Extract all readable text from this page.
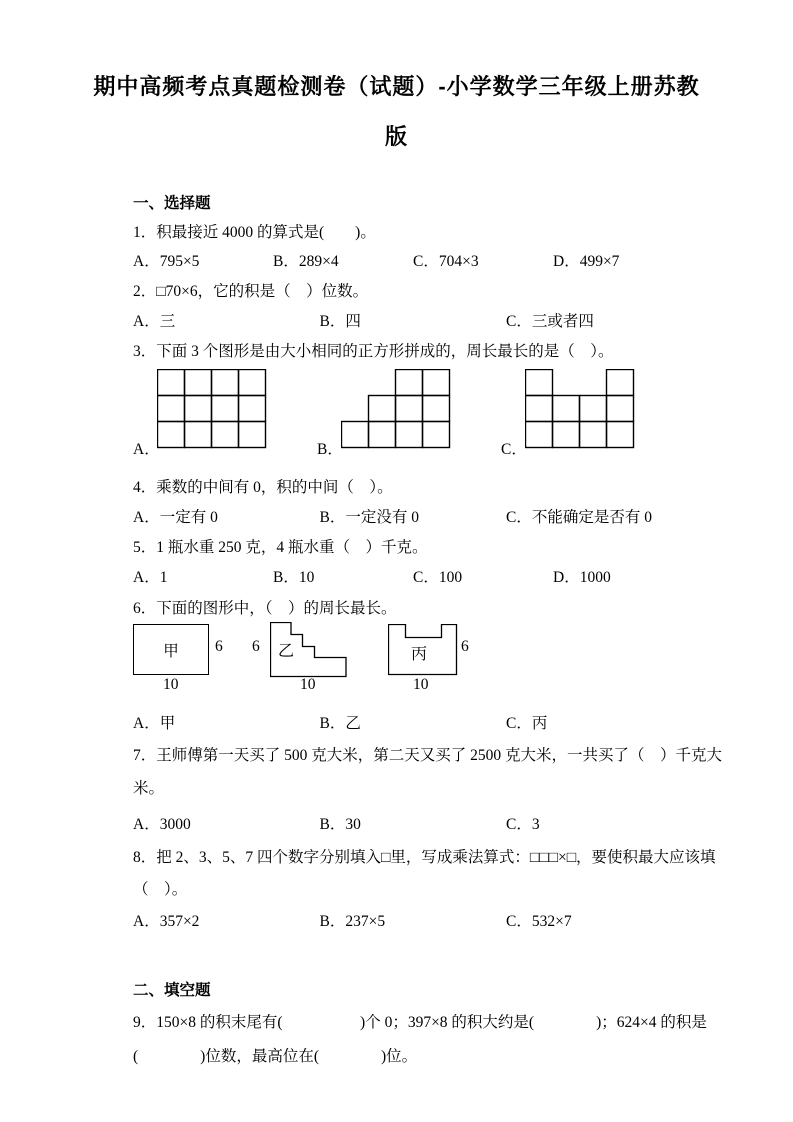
期中高频考点真题检测卷（试题）-小学数学三年级上册苏教
版
一、选择题
1．积最接近 4000 的算式是(　　)。
A．795×5	B．289×4	C．704×3	D．499×7
2．□70×6，它的积是（　）位数。
A．三	B．四	C．三或者四
3．下面 3 个图形是由大小相同的正方形拼成的，周长最长的是（　）。
A．	B．	C．
4．乘数的中间有 0，积的中间（　）。
A．一定有 0	B．一定没有 0	C．不能确定是否有 0
5．1 瓶水重 250 克，4 瓶水重（　）千克。
A．1	B．10	C．100	D．1000
6．下面的图形中，（　）的周长最长。
甲 6
10
乙
6
10
丙 6
10
A．甲	B．乙	C．丙
7．王师傅第一天买了 500 克大米，第二天又买了 2500 克大米，一共买了（　）千克大
米。
A．3000	B．30	C．3
8．把 2、3、5、7 四个数字分别填入□里，写成乘法算式：□□□×□，要使积最大应该填
（　）。
A．357×2	B．237×5	C．532×7
二、填空题
9．150×8 的积末尾有(　　　　　)个 0；397×8 的积大约是(　　　　)；624×4 的积是
(　　　　)位数，最高位在(　　　　)位。
